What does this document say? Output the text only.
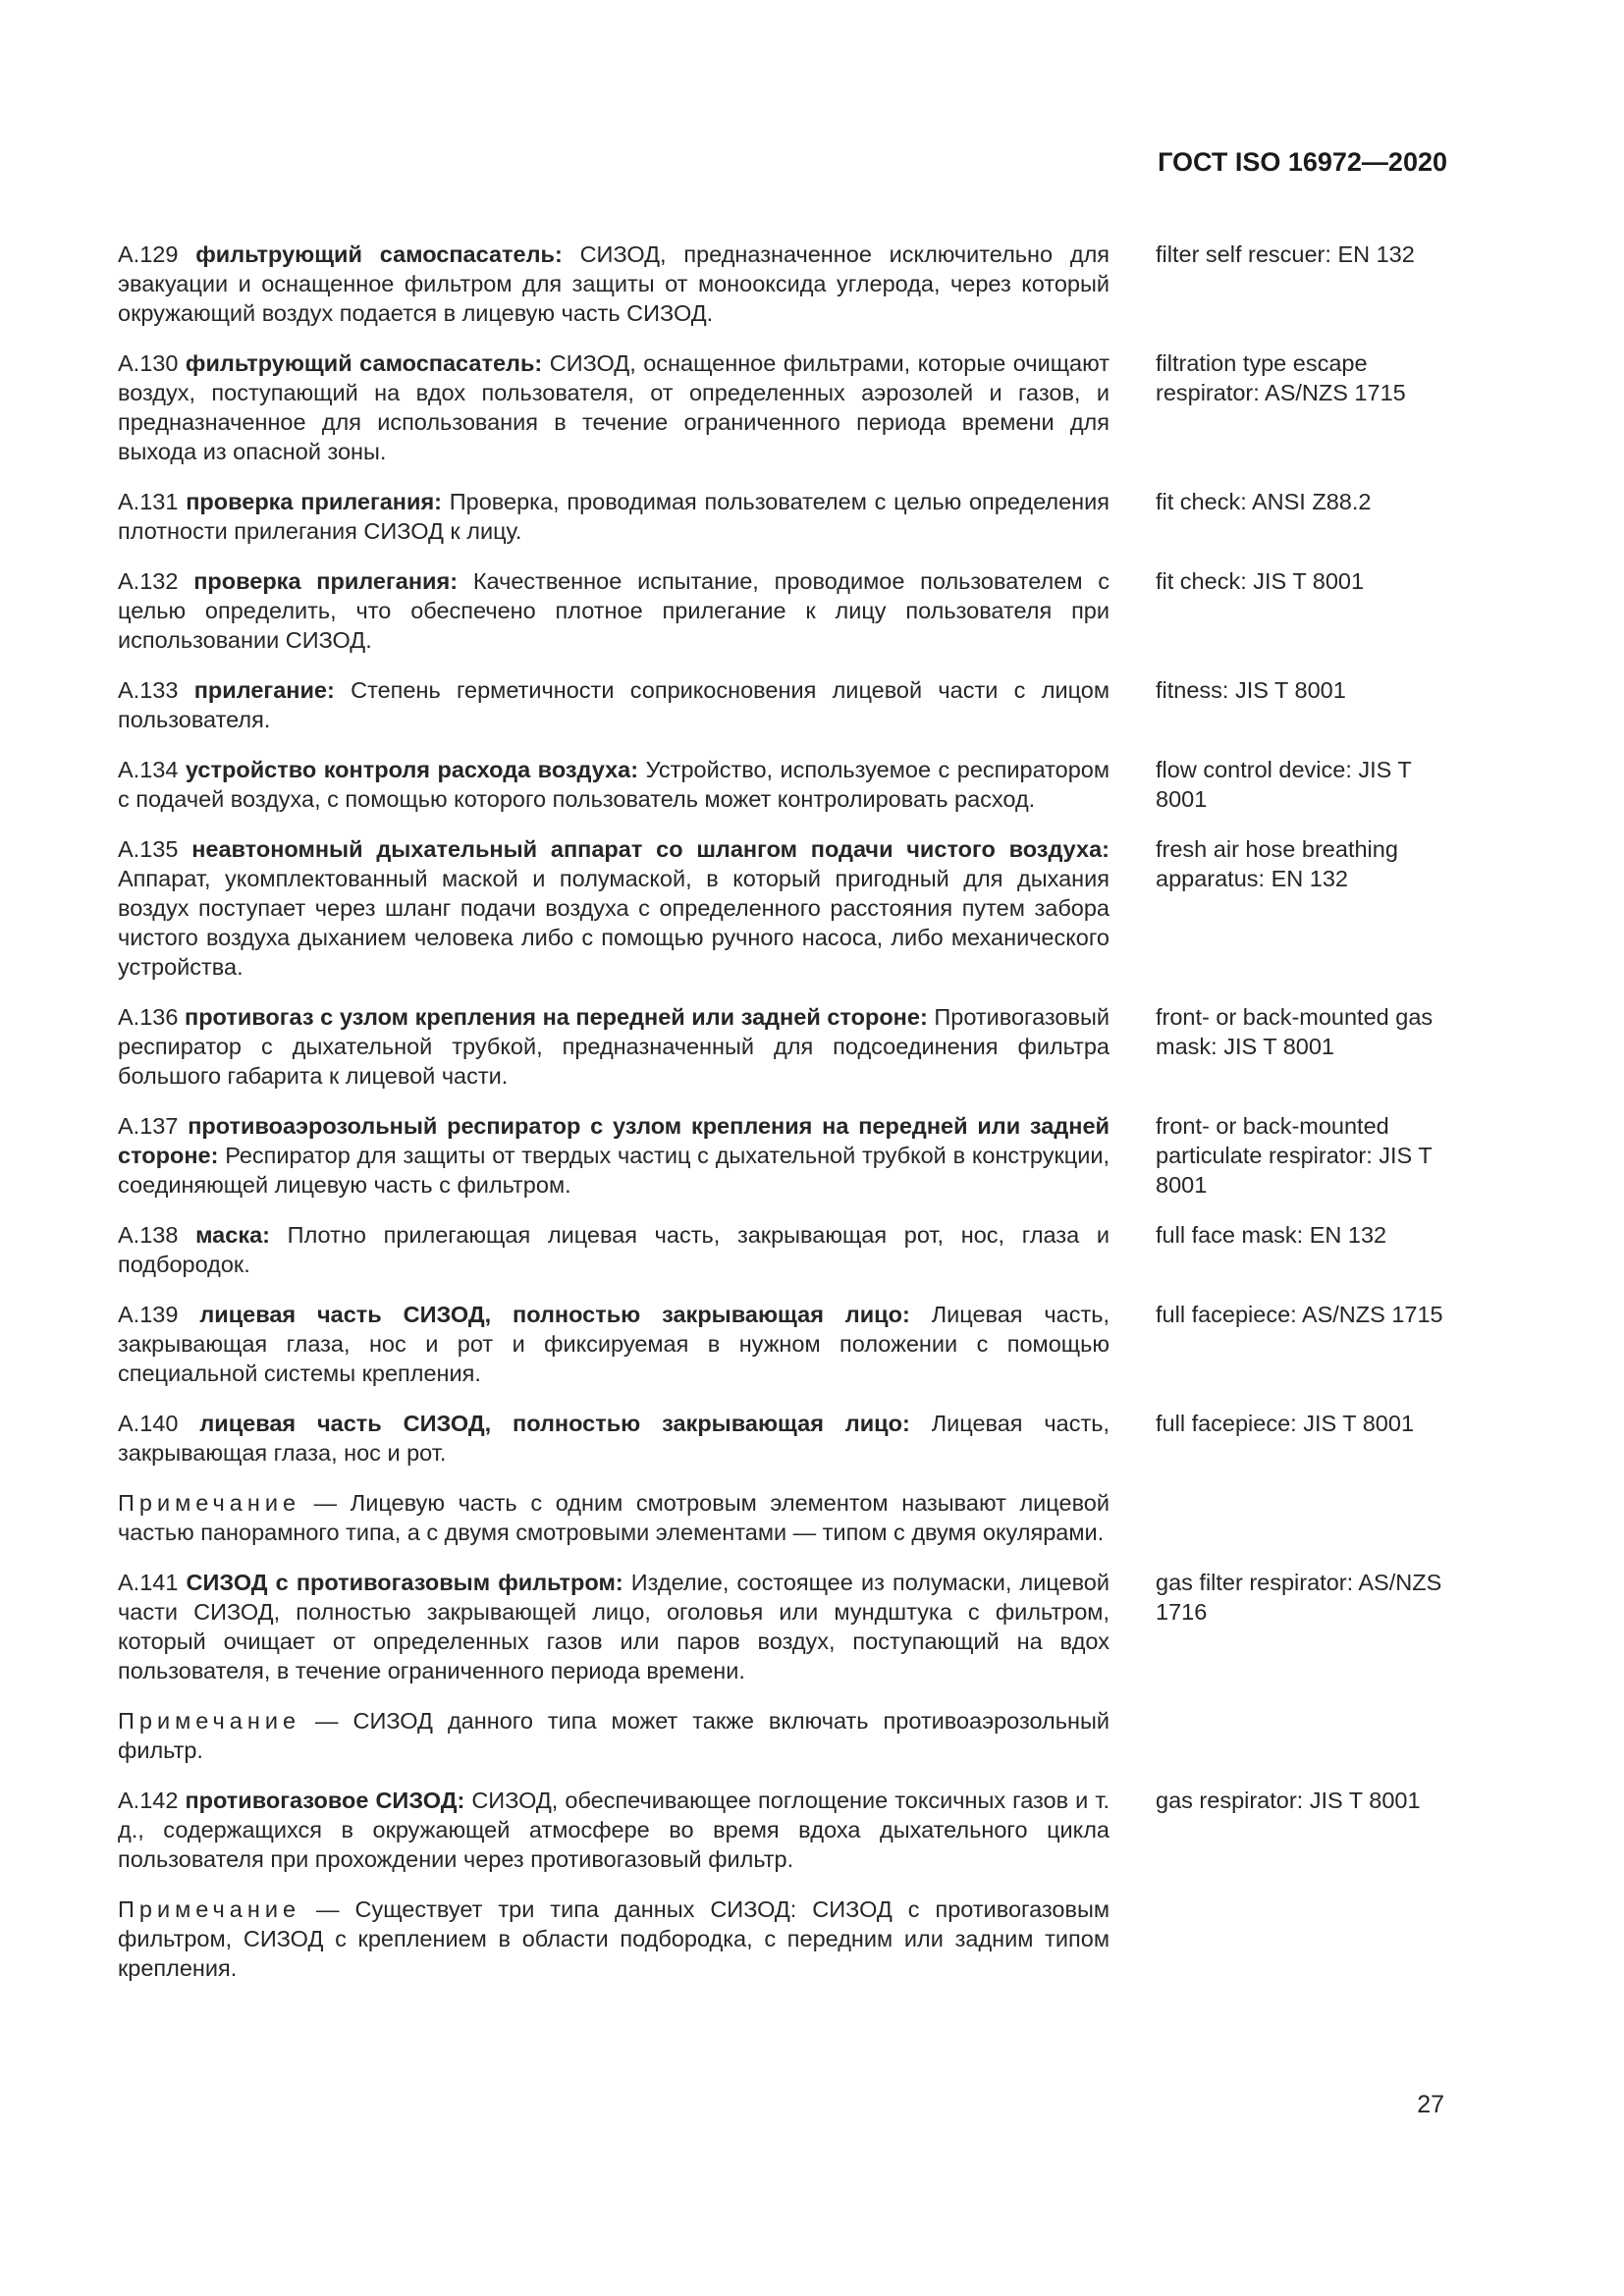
ГОСТ ISO 16972—2020
A.129 фильтрующий самоспасатель: СИЗОД, предназначенное исключительно для эвакуации и оснащенное фильтром для защиты от монооксида углерода, через который окружающий воздух подается в лицевую часть СИЗОД.
filter self rescuer: EN 132
A.130 фильтрующий самоспасатель: СИЗОД, оснащенное фильтрами, которые очищают воздух, поступающий на вдох пользователя, от определенных аэрозолей и газов, и предназначенное для использования в течение ограниченного периода времени для выхода из опасной зоны.
filtration type escape respirator: AS/NZS 1715
A.131 проверка прилегания: Проверка, проводимая пользователем с целью определения плотности прилегания СИЗОД к лицу.
fit check: ANSI Z88.2
A.132 проверка прилегания: Качественное испытание, проводимое пользователем с целью определить, что обеспечено плотное прилегание к лицу пользователя при использовании СИЗОД.
fit check: JIS T 8001
A.133 прилегание: Степень герметичности соприкосновения лицевой части с лицом пользователя.
fitness: JIS T 8001
A.134 устройство контроля расхода воздуха: Устройство, используемое с респиратором с подачей воздуха, с помощью которого пользователь может контролировать расход.
flow control device: JIS T 8001
A.135 неавтономный дыхательный аппарат со шлангом подачи чистого воздуха: Аппарат, укомплектованный маской и полумаской, в который пригодный для дыхания воздух поступает через шланг подачи воздуха с определенного расстояния путем забора чистого воздуха дыханием человека либо с помощью ручного насоса, либо механического устройства.
fresh air hose breathing apparatus: EN 132
A.136 противогаз с узлом крепления на передней или задней стороне: Противогазовый респиратор с дыхательной трубкой, предназначенный для подсоединения фильтра большого габарита к лицевой части.
front- or back-mounted gas mask: JIS T 8001
A.137 противоаэрозольный респиратор с узлом крепления на передней или задней стороне: Респиратор для защиты от твердых частиц с дыхательной трубкой в конструкции, соединяющей лицевую часть с фильтром.
front- or back-mounted particulate respirator: JIS T 8001
A.138 маска: Плотно прилегающая лицевая часть, закрывающая рот, нос, глаза и подбородок.
full face mask: EN 132
A.139 лицевая часть СИЗОД, полностью закрывающая лицо: Лицевая часть, закрывающая глаза, нос и рот и фиксируемая в нужном положении с помощью специальной системы крепления.
full facepiece: AS/NZS 1715
A.140 лицевая часть СИЗОД, полностью закрывающая лицо: Лицевая часть, закрывающая глаза, нос и рот.
full facepiece: JIS T 8001
Примечание — Лицевую часть с одним смотровым элементом называют лицевой частью панорамного типа, а с двумя смотровыми элементами — типом с двумя окулярами.
A.141 СИЗОД с противогазовым фильтром: Изделие, состоящее из полумаски, лицевой части СИЗОД, полностью закрывающей лицо, оголовья или мундштука с фильтром, который очищает от определенных газов или паров воздух, поступающий на вдох пользователя, в течение ограниченного периода времени.
gas filter respirator: AS/NZS 1716
Примечание — СИЗОД данного типа может также включать противоаэрозольный фильтр.
A.142 противогазовое СИЗОД: СИЗОД, обеспечивающее поглощение токсичных газов и т. д., содержащихся в окружающей атмосфере во время вдоха дыхательного цикла пользователя при прохождении через противогазовый фильтр.
gas respirator: JIS T 8001
Примечание — Существует три типа данных СИЗОД: СИЗОД с противогазовым фильтром, СИЗОД с креплением в области подбородка, с передним или задним типом крепления.
27
